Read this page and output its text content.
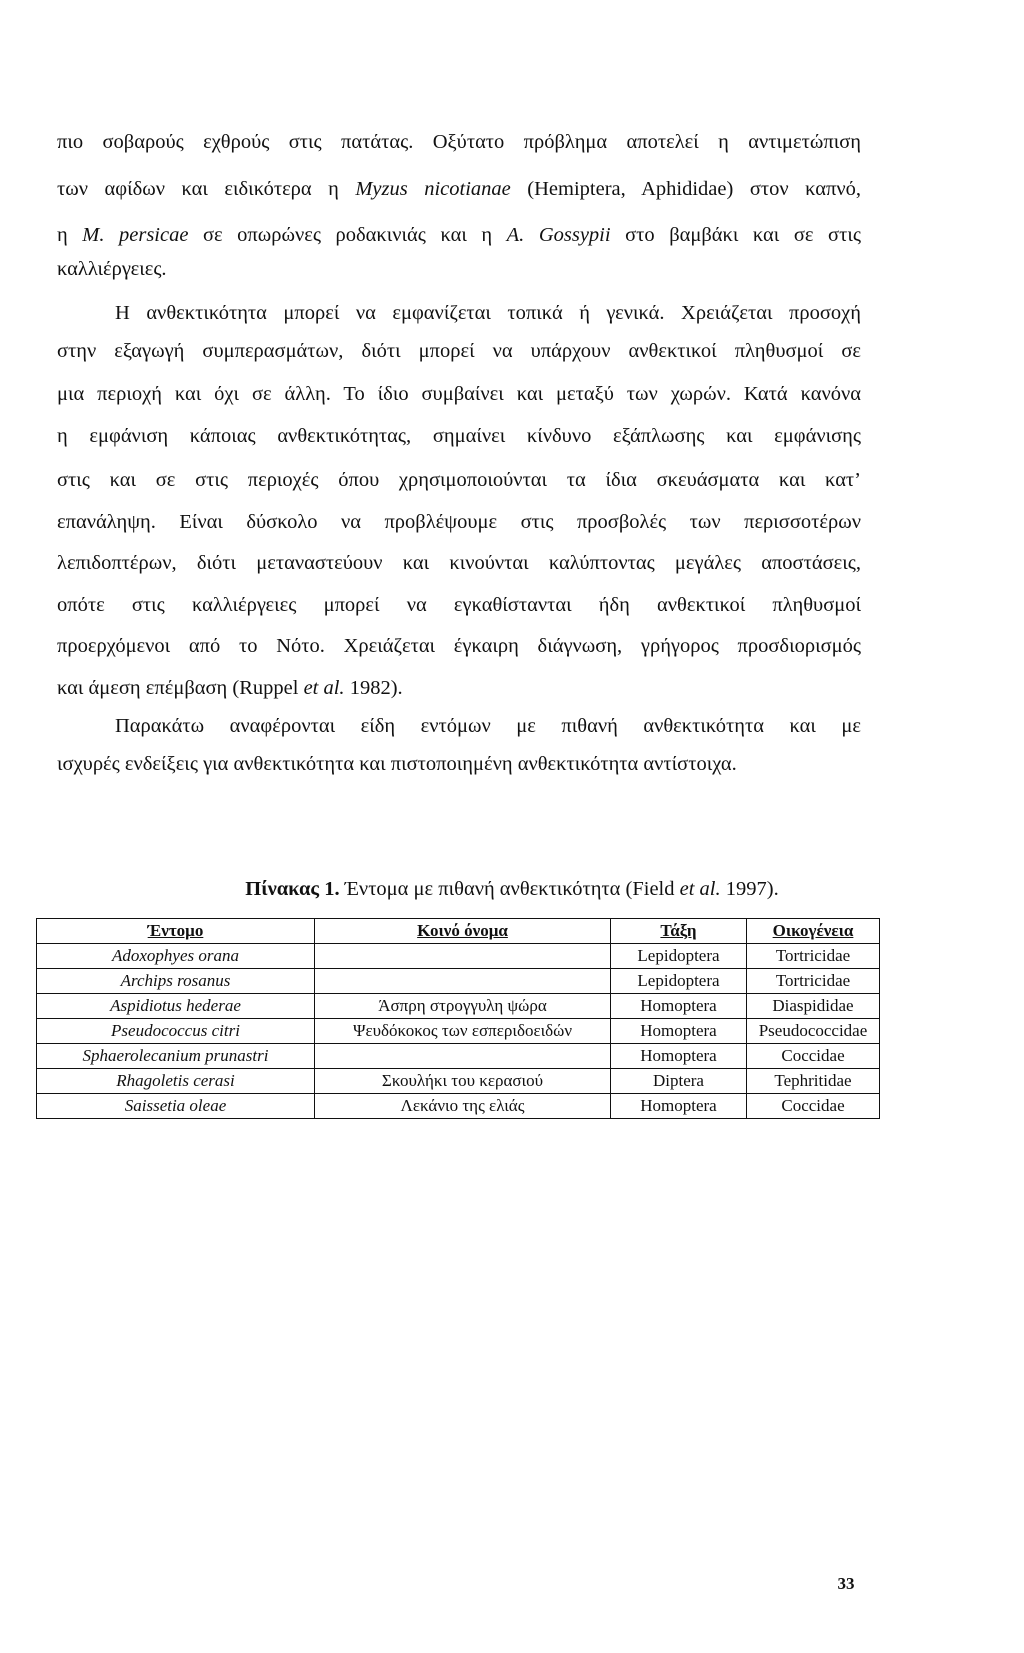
πιο σοβαρούς εχθρούς στις πατάτας. Οξύτατο πρόβλημα αποτελεί η αντιμετώπιση
των αφίδων και ειδικότερα η Myzus nicotianae (Hemiptera, Aphididae) στον καπνό,
η M. persicae σε οπωρώνες ροδακινιάς και η A. Gossypii στο βαμβάκι και σε στις
καλλιέργειες.
Η ανθεκτικότητα μπορεί να εμφανίζεται τοπικά ή γενικά. Χρειάζεται προσοχή
στην εξαγωγή συμπερασμάτων, διότι μπορεί να υπάρχουν ανθεκτικοί πληθυσμοί σε
μια περιοχή και όχι σε άλλη. Το ίδιο συμβαίνει και μεταξύ των χωρών. Κατά κανόνα
η εμφάνιση κάποιας ανθεκτικότητας, σημαίνει κίνδυνο εξάπλωσης και εμφάνισης
στις και σε στις περιοχές όπου χρησιμοποιούνται τα ίδια σκευάσματα και κατ’
επανάληψη. Είναι δύσκολο να προβλέψουμε στις προσβολές των περισσοτέρων
λεπιδοπτέρων, διότι μεταναστεύουν και κινούνται καλύπτοντας μεγάλες αποστάσεις,
οπότε στις καλλιέργειες μπορεί να εγκαθίστανται ήδη ανθεκτικοί πληθυσμοί
προερχόμενοι από το Νότο. Χρειάζεται έγκαιρη διάγνωση, γρήγορος προσδιορισμός
και άμεση επέμβαση (Ruppel et al. 1982).
Παρακάτω αναφέρονται είδη εντόμων με πιθανή ανθεκτικότητα και με
ισχυρές ενδείξεις για ανθεκτικότητα και πιστοποιημένη ανθεκτικότητα αντίστοιχα.
Πίνακας 1. Έντομα με πιθανή ανθεκτικότητα (Field et al. 1997).
Έντομο	Κοινό όνομα	Τάξη	Οικογένεια
Adoxophyes orana		Lepidoptera	Tortricidae
Archips rosanus		Lepidoptera	Tortricidae
Aspidiotus hederae	Άσπρη στρογγυλη ψώρα	Homoptera	Diaspididae
Pseudococcus citri	Ψευδόκοκος των εσπεριδοειδών	Homoptera	Pseudococcidae
Sphaerolecanium prunastri		Homoptera	Coccidae
Rhagoletis cerasi	Σκουλήκι του κερασιού	Diptera	Tephritidae
Saissetia oleae	Λεκάνιο της ελιάς	Homoptera	Coccidae
33
